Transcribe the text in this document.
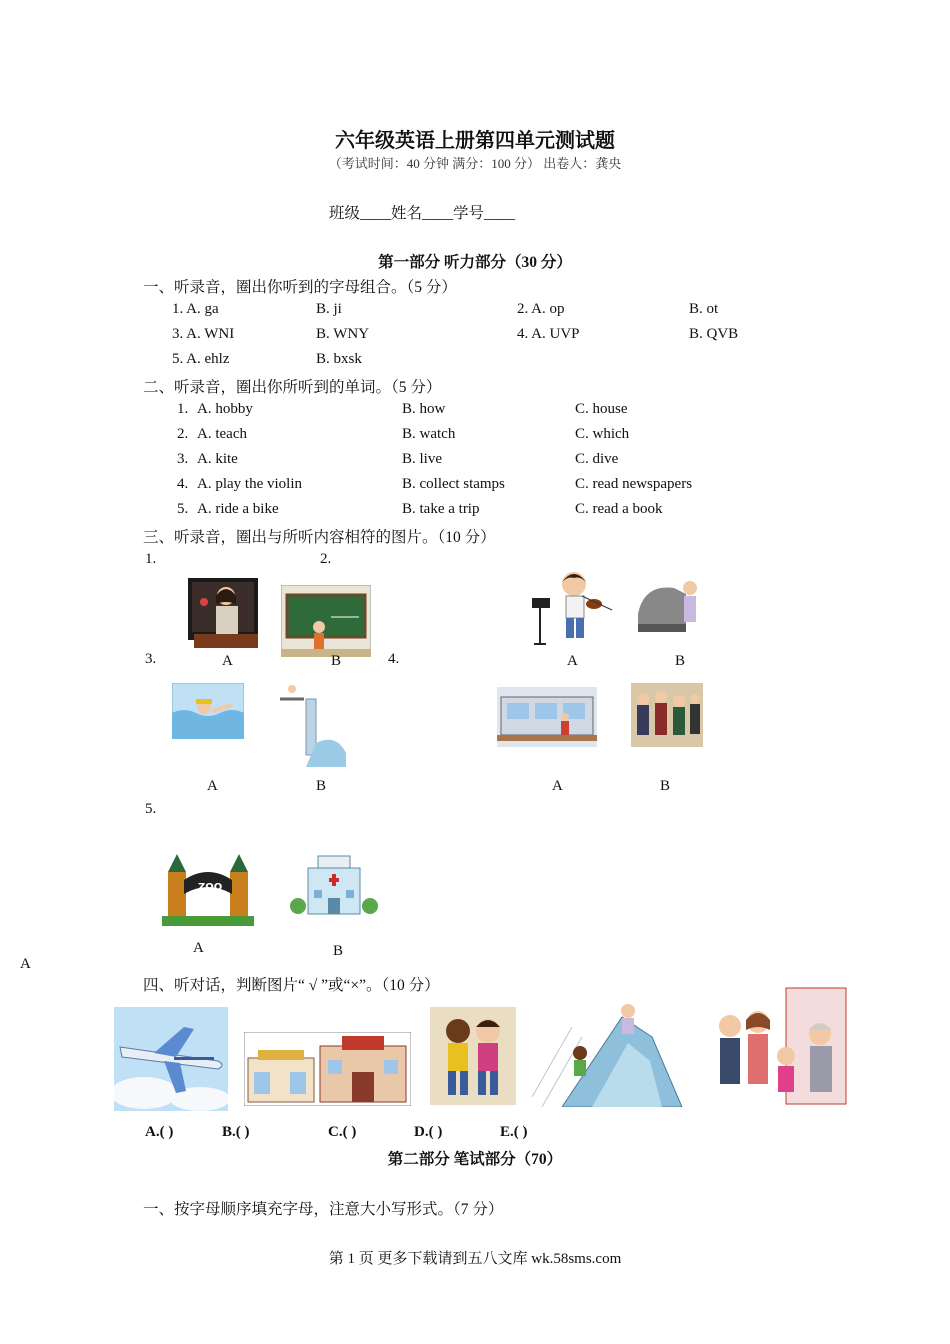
六年级英语上册第四单元测试题
（考试时间：40 分钟 满分：100 分） 出卷人：龚央
班级____姓名____学号____
第一部分 听力部分（30 分）
一、听录音，圈出你听到的字母组合。（5 分）
1. A. ga	B. ji	2. A. op	B. ot
3. A. WNI	B. WNY	4. A. UVP	B. QVB
5. A. ehlz	B. bxsk
二、听录音，圈出你所听到的单词。（5 分）
1. A. hobby	B. how	C. house
2. A. teach	B. watch	C. which
3. A. kite	B. live	C. dive
4. A. play the violin	B. collect stamps	C. read newspapers
5. A. ride a bike	B. take a trip	C. read a book
三、听录音，圈出与所听内容相符的图片。（10 分）
1.	2.
A	B	A	B
3.	4.
A	B	A	B
5.
ZOO
A	B
A
四、听对话，判断图片“ √ ”或“×”。（10 分）
A.( )	B.( )	C.( )	D.( )	E.( )
第二部分 笔试部分（70）
一、按字母顺序填充字母，注意大小写形式。（7 分）
第 1 页 更多下载请到五八文库 wk.58sms.com
